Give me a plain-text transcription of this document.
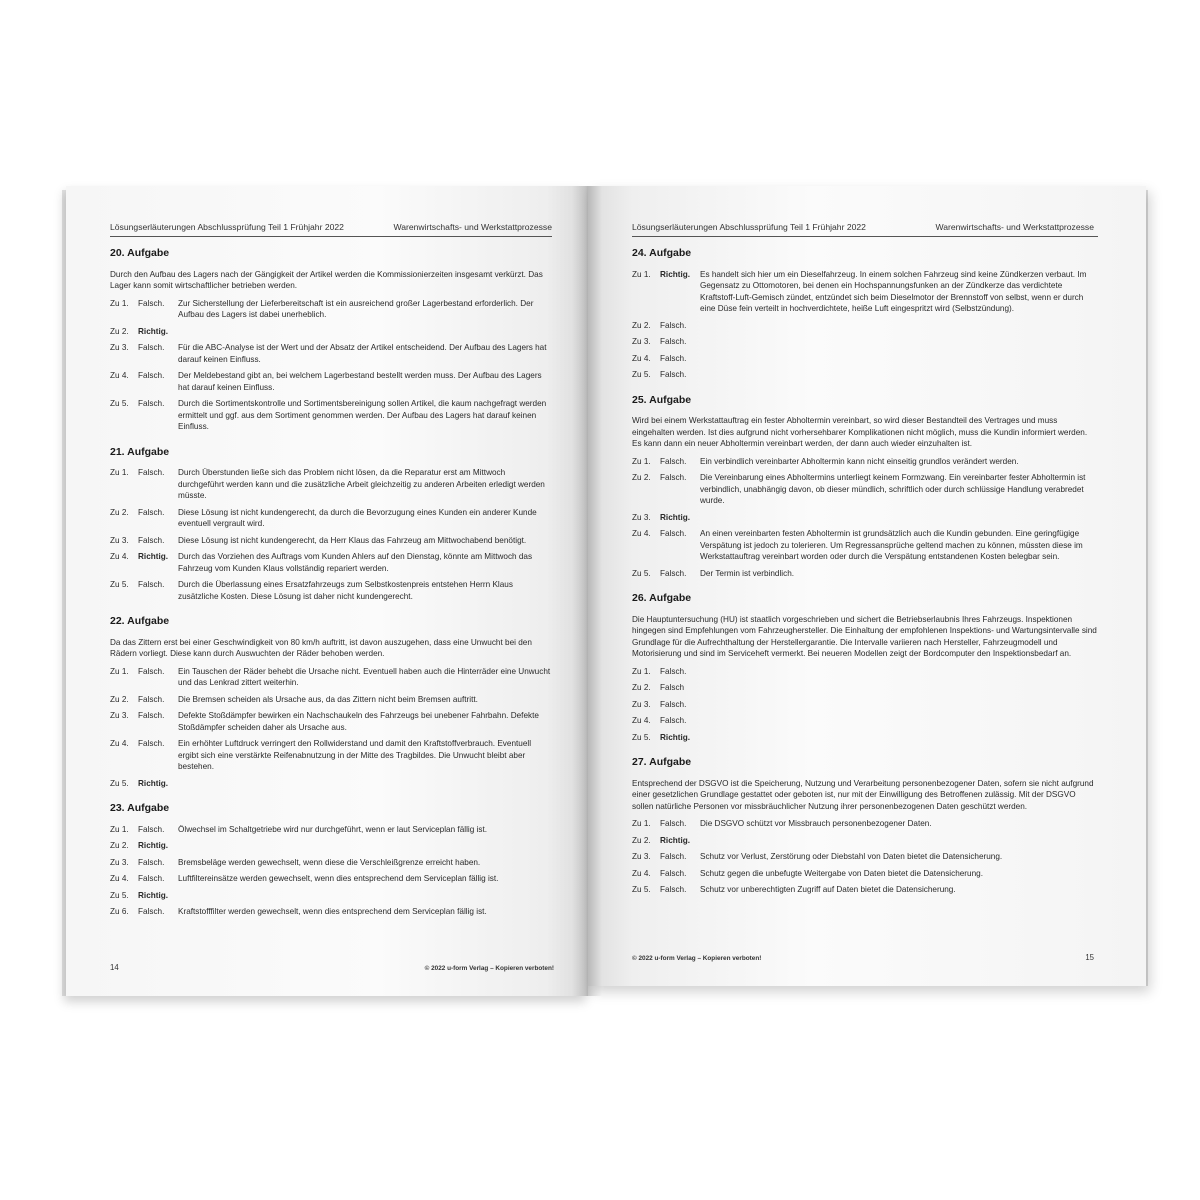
Lösungserläuterungen Abschlussprüfung Teil 1 Frühjahr 2022	Warenwirtschafts- und Werkstattprozesse
20. Aufgabe
Durch den Aufbau des Lagers nach der Gängigkeit der Artikel werden die Kommissionierzeiten insgesamt verkürzt. Das Lager kann somit wirtschaftlicher betrieben werden.
Zu 1.	Falsch.	Zur Sicherstellung der Lieferbereitschaft ist ein ausreichend großer Lagerbestand erforderlich. Der Aufbau des Lagers ist dabei unerheblich.
Zu 2.	Richtig.
Zu 3.	Falsch.	Für die ABC-Analyse ist der Wert und der Absatz der Artikel entscheidend. Der Aufbau des Lagers hat darauf keinen Einfluss.
Zu 4.	Falsch.	Der Meldebestand gibt an, bei welchem Lagerbestand bestellt werden muss. Der Aufbau des Lagers hat darauf keinen Einfluss.
Zu 5.	Falsch.	Durch die Sortimentskontrolle und Sortimentsbereinigung sollen Artikel, die kaum nachgefragt werden ermittelt und ggf. aus dem Sortiment genommen werden. Der Aufbau des Lagers hat darauf keinen Einfluss.
21. Aufgabe
Zu 1.	Falsch.	Durch Überstunden ließe sich das Problem nicht lösen, da die Reparatur erst am Mittwoch durchgeführt werden kann und die zusätzliche Arbeit gleichzeitig zu anderen Arbeiten erledigt werden müsste.
Zu 2.	Falsch.	Diese Lösung ist nicht kundengerecht, da durch die Bevorzugung eines Kunden ein anderer Kunde eventuell vergrault wird.
Zu 3.	Falsch.	Diese Lösung ist nicht kundengerecht, da Herr Klaus das Fahrzeug am Mittwochabend benötigt.
Zu 4.	Richtig.	Durch das Vorziehen des Auftrags vom Kunden Ahlers auf den Dienstag, könnte am Mittwoch das Fahrzeug vom Kunden Klaus vollständig repariert werden.
Zu 5.	Falsch.	Durch die Überlassung eines Ersatzfahrzeugs zum Selbstkostenpreis entstehen Herrn Klaus zusätzliche Kosten. Diese Lösung ist daher nicht kundengerecht.
22. Aufgabe
Da das Zittern erst bei einer Geschwindigkeit von 80 km/h auftritt, ist davon auszugehen, dass eine Unwucht bei den Rädern vorliegt. Diese kann durch Auswuchten der Räder behoben werden.
Zu 1.	Falsch.	Ein Tauschen der Räder behebt die Ursache nicht. Eventuell haben auch die Hinterräder eine Unwucht und das Lenkrad zittert weiterhin.
Zu 2.	Falsch.	Die Bremsen scheiden als Ursache aus, da das Zittern nicht beim Bremsen auftritt.
Zu 3.	Falsch.	Defekte Stoßdämpfer bewirken ein Nachschaukeln des Fahrzeugs bei unebener Fahrbahn. Defekte Stoßdämpfer scheiden daher als Ursache aus.
Zu 4.	Falsch.	Ein erhöhter Luftdruck verringert den Rollwiderstand und damit den Kraftstoffverbrauch. Eventuell ergibt sich eine verstärkte Reifenabnutzung in der Mitte des Tragbildes. Die Unwucht bleibt aber bestehen.
Zu 5.	Richtig.
23. Aufgabe
Zu 1.	Falsch.	Ölwechsel im Schaltgetriebe wird nur durchgeführt, wenn er laut Serviceplan fällig ist.
Zu 2.	Richtig.
Zu 3.	Falsch.	Bremsbeläge werden gewechselt, wenn diese die Verschleißgrenze erreicht haben.
Zu 4.	Falsch.	Luftfiltereinsätze werden gewechselt, wenn dies entsprechend dem Serviceplan fällig ist.
Zu 5.	Richtig.
Zu 6.	Falsch.	Kraftstofffilter werden gewechselt, wenn dies entsprechend dem Serviceplan fällig ist.
14	© 2022 u-form Verlag – Kopieren verboten!
Lösungserläuterungen Abschlussprüfung Teil 1 Frühjahr 2022	Warenwirtschafts- und Werkstattprozesse
24. Aufgabe
Zu 1.	Richtig.	Es handelt sich hier um ein Dieselfahrzeug. In einem solchen Fahrzeug sind keine Zündkerzen verbaut. Im Gegensatz zu Ottomotoren, bei denen ein Hochspannungsfunken an der Zündkerze das verdichtete Kraftstoff-Luft-Gemisch zündet, entzündet sich beim Dieselmotor der Brennstoff von selbst, wenn er durch eine Düse fein verteilt in hochverdichtete, heiße Luft eingespritzt wird (Selbstzündung).
Zu 2.	Falsch.
Zu 3.	Falsch.
Zu 4.	Falsch.
Zu 5.	Falsch.
25. Aufgabe
Wird bei einem Werkstattauftrag ein fester Abholtermin vereinbart, so wird dieser Bestandteil des Vertrages und muss eingehalten werden. Ist dies aufgrund nicht vorhersehbarer Komplikationen nicht möglich, muss die Kundin informiert werden. Es kann dann ein neuer Abholtermin vereinbart werden, der dann auch wieder einzuhalten ist.
Zu 1.	Falsch.	Ein verbindlich vereinbarter Abholtermin kann nicht einseitig grundlos verändert werden.
Zu 2.	Falsch.	Die Vereinbarung eines Abholtermins unterliegt keinem Formzwang. Ein vereinbarter fester Abholtermin ist verbindlich, unabhängig davon, ob dieser mündlich, schriftlich oder durch schlüssige Handlung verabredet wurde.
Zu 3.	Richtig.
Zu 4.	Falsch.	An einen vereinbarten festen Abholtermin ist grundsätzlich auch die Kundin gebunden. Eine geringfügige Verspätung ist jedoch zu tolerieren. Um Regressansprüche geltend machen zu können, müssten diese im Werkstattauftrag vereinbart worden oder durch die Verspätung entstandenen Kosten belegbar sein.
Zu 5.	Falsch.	Der Termin ist verbindlich.
26. Aufgabe
Die Hauptuntersuchung (HU) ist staatlich vorgeschrieben und sichert die Betriebserlaubnis Ihres Fahrzeugs. Inspektionen hingegen sind Empfehlungen vom Fahrzeughersteller. Die Einhaltung der empfohlenen Inspektions- und Wartungsintervalle sind Grundlage für die Aufrechthaltung der Herstellergarantie. Die Intervalle variieren nach Hersteller, Fahrzeugmodell und Motorisierung und sind im Serviceheft vermerkt. Bei neueren Modellen zeigt der Bordcomputer den Inspektionsbedarf an.
Zu 1.	Falsch.
Zu 2.	Falsch
Zu 3.	Falsch.
Zu 4.	Falsch.
Zu 5.	Richtig.
27. Aufgabe
Entsprechend der DSGVO ist die Speicherung, Nutzung und Verarbeitung personenbezogener Daten, sofern sie nicht aufgrund einer gesetzlichen Grundlage gestattet oder geboten ist, nur mit der Einwilligung des Betroffenen zulässig. Mit der DSGVO sollen natürliche Personen vor missbräuchlicher Nutzung ihrer personenbezogenen Daten geschützt werden.
Zu 1.	Falsch.	Die DSGVO schützt vor Missbrauch personenbezogener Daten.
Zu 2.	Richtig.
Zu 3.	Falsch.	Schutz vor Verlust, Zerstörung oder Diebstahl von Daten bietet die Datensicherung.
Zu 4.	Falsch.	Schutz gegen die unbefugte Weitergabe von Daten bietet die Datensicherung.
Zu 5.	Falsch.	Schutz vor unberechtigten Zugriff auf Daten bietet die Datensicherung.
© 2022 u-form Verlag – Kopieren verboten!	15
